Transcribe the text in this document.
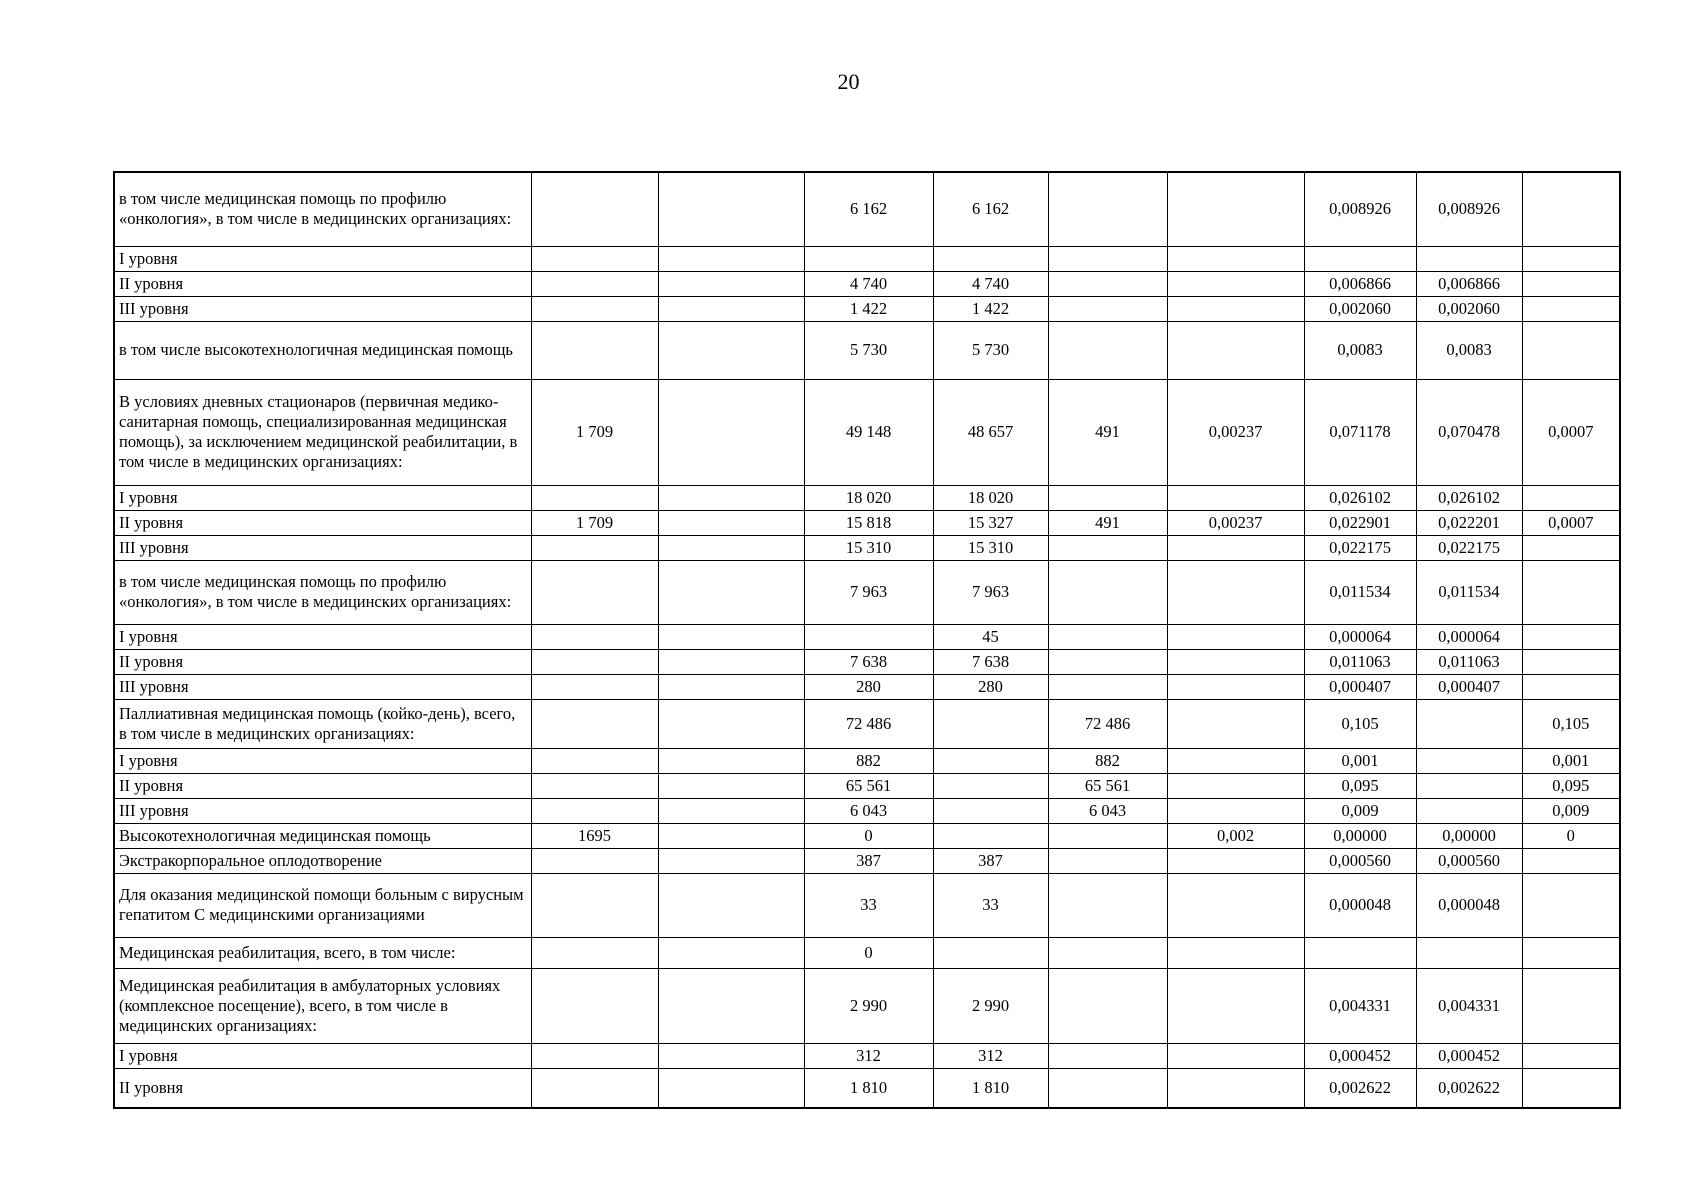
20
в том числе медицинская помощь по профилю «онкология», в том числе в медицинских организациях:			6 162	6 162			0,008926	0,008926	
I уровня									
II уровня			4 740	4 740			0,006866	0,006866	
III уровня			1 422	1 422			0,002060	0,002060	
в том числе высокотехнологичная медицинская помощь			5 730	5 730			0,0083	0,0083	
В условиях дневных стационаров (первичная медико-санитарная помощь, специализированная медицинская помощь), за исключением медицинской реабилитации, в том числе в медицинских организациях:	1 709		49 148	48 657	491	0,00237	0,071178	0,070478	0,0007
I уровня			18 020	18 020			0,026102	0,026102	
II уровня	1 709		15 818	15 327	491	0,00237	0,022901	0,022201	0,0007
III уровня			15 310	15 310			0,022175	0,022175	
в том числе медицинская помощь по профилю «онкология», в том числе в медицинских организациях:			7 963	7 963			0,011534	0,011534	
I уровня				45			0,000064	0,000064	
II уровня			7 638	7 638			0,011063	0,011063	
III уровня			280	280			0,000407	0,000407	
Паллиативная медицинская помощь (койко-день), всего, в том числе в медицинских организациях:			72 486		72 486		0,105		0,105
I уровня			882		882		0,001		0,001
II уровня			65 561		65 561		0,095		0,095
III уровня			6 043		6 043		0,009		0,009
Высокотехнологичная медицинская помощь	1695		0			0,002	0,00000	0,00000	0
Экстракорпоральное оплодотворение			387	387			0,000560	0,000560	
Для оказания медицинской помощи больным с вирусным гепатитом С медицинскими организациями			33	33			0,000048	0,000048	
Медицинская реабилитация, всего, в том числе:			0						
Медицинская реабилитация в амбулаторных условиях (комплексное посещение), всего, в том числе в медицинских организациях:			2 990	2 990			0,004331	0,004331	
I уровня			312	312			0,000452	0,000452	
II уровня			1 810	1 810			0,002622	0,002622	
